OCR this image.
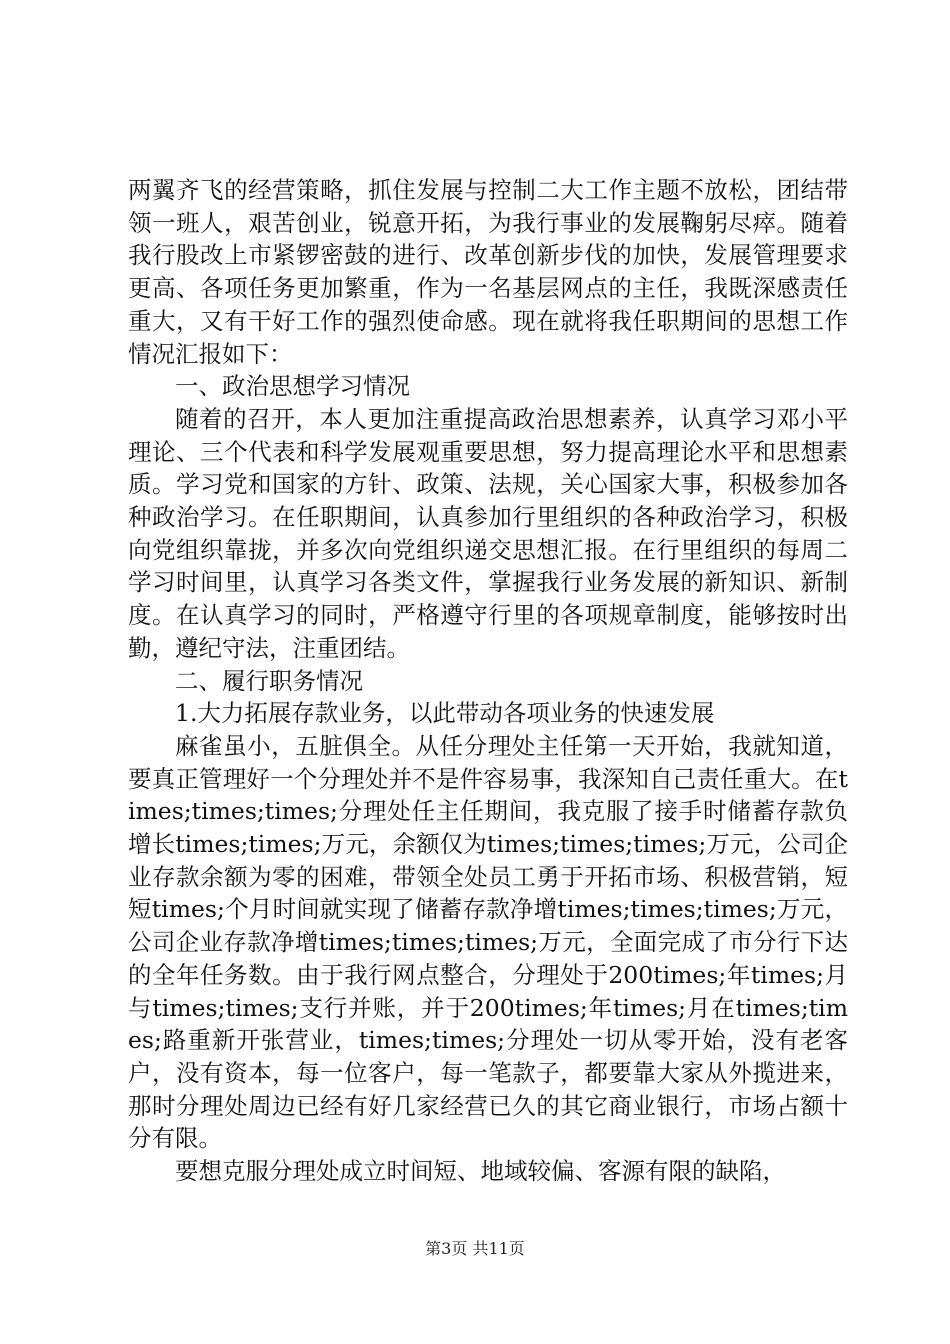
两翼齐飞的经营策略，抓住发展与控制二大工作主题不放松，团结带领一班人，艰苦创业，锐意开拓，为我行事业的发展鞠躬尽瘁。随着我行股改上市紧锣密鼓的进行、改革创新步伐的加快，发展管理要求更高、各项任务更加繁重，作为一名基层网点的主任，我既深感责任重大，又有干好工作的强烈使命感。现在就将我任职期间的思想工作情况汇报如下：

一、政治思想学习情况

随着的召开，本人更加注重提高政治思想素养，认真学习邓小平理论、三个代表和科学发展观重要思想，努力提高理论水平和思想素质。学习党和国家的方针、政策、法规，关心国家大事，积极参加各种政治学习。在任职期间，认真参加行里组织的各种政治学习，积极向党组织靠拢，并多次向党组织递交思想汇报。在行里组织的每周二学习时间里，认真学习各类文件，掌握我行业务发展的新知识、新制度。在认真学习的同时，严格遵守行里的各项规章制度，能够按时出勤，遵纪守法，注重团结。

二、履行职务情况

1.大力拓展存款业务，以此带动各项业务的快速发展

麻雀虽小，五脏俱全。从任分理处主任第一天开始，我就知道，要真正管理好一个分理处并不是件容易事，我深知自己责任重大。在times;times;times;分理处任主任期间，我克服了接手时储蓄存款负增长times;times;万元，余额仅为times;times;times;万元，公司企业存款余额为零的困难，带领全处员工勇于开拓市场、积极营销，短短times;个月时间就实现了储蓄存款净增times;times;times;万元，公司企业存款净增times;times;times;万元，全面完成了市分行下达的全年任务数。由于我行网点整合，分理处于200times;年times;月与times;times;支行并账，并于200times;年times;月在times;times;路重新开张营业，times;times;分理处一切从零开始，没有老客户，没有资本，每一位客户，每一笔款子，都要靠大家从外揽进来，那时分理处周边已经有好几家经营已久的其它商业银行，市场占额十分有限。

要想克服分理处成立时间短、地域较偏、客源有限的缺陷，

第3页 共11页
